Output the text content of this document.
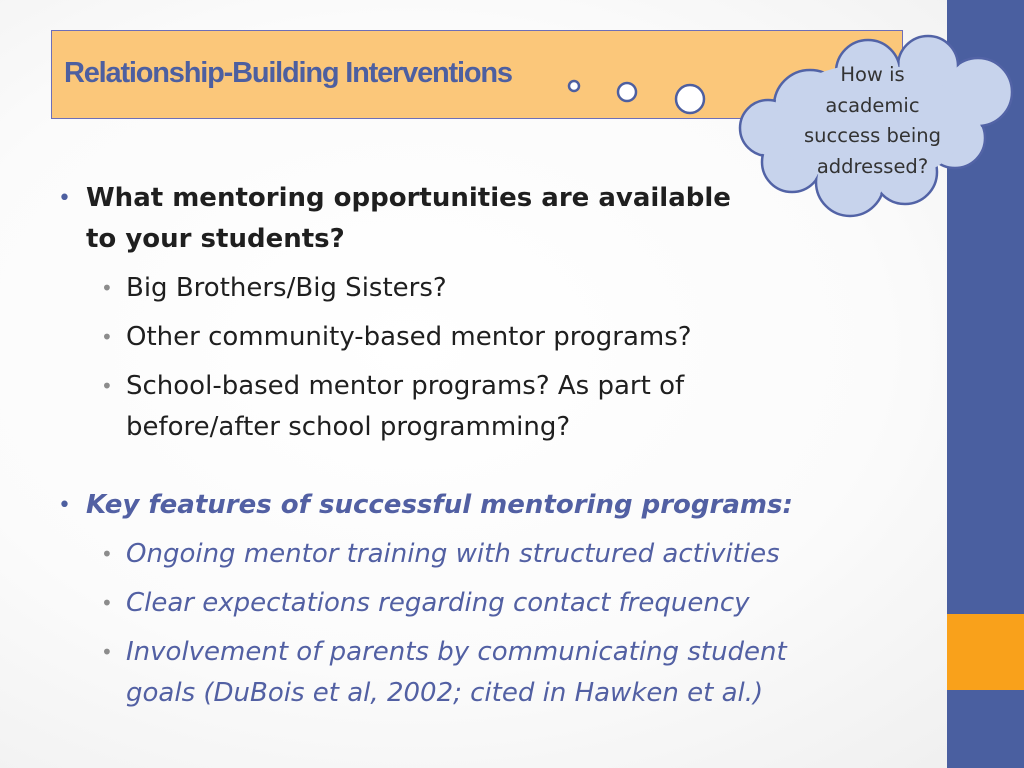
Relationship-Building Interventions	How is
academic
success being
addressed?
• What mentoring opportunities are available
to your students?
• Big Brothers/Big Sisters?
• Other community-based mentor programs?
• School-based mentor programs? As part of
before/after school programming?
• Key features of successful mentoring programs:
• Ongoing mentor training with structured activities
• Clear expectations regarding contact frequency
• Involvement of parents by communicating student
goals (DuBois et al, 2002; cited in Hawken et al.)
